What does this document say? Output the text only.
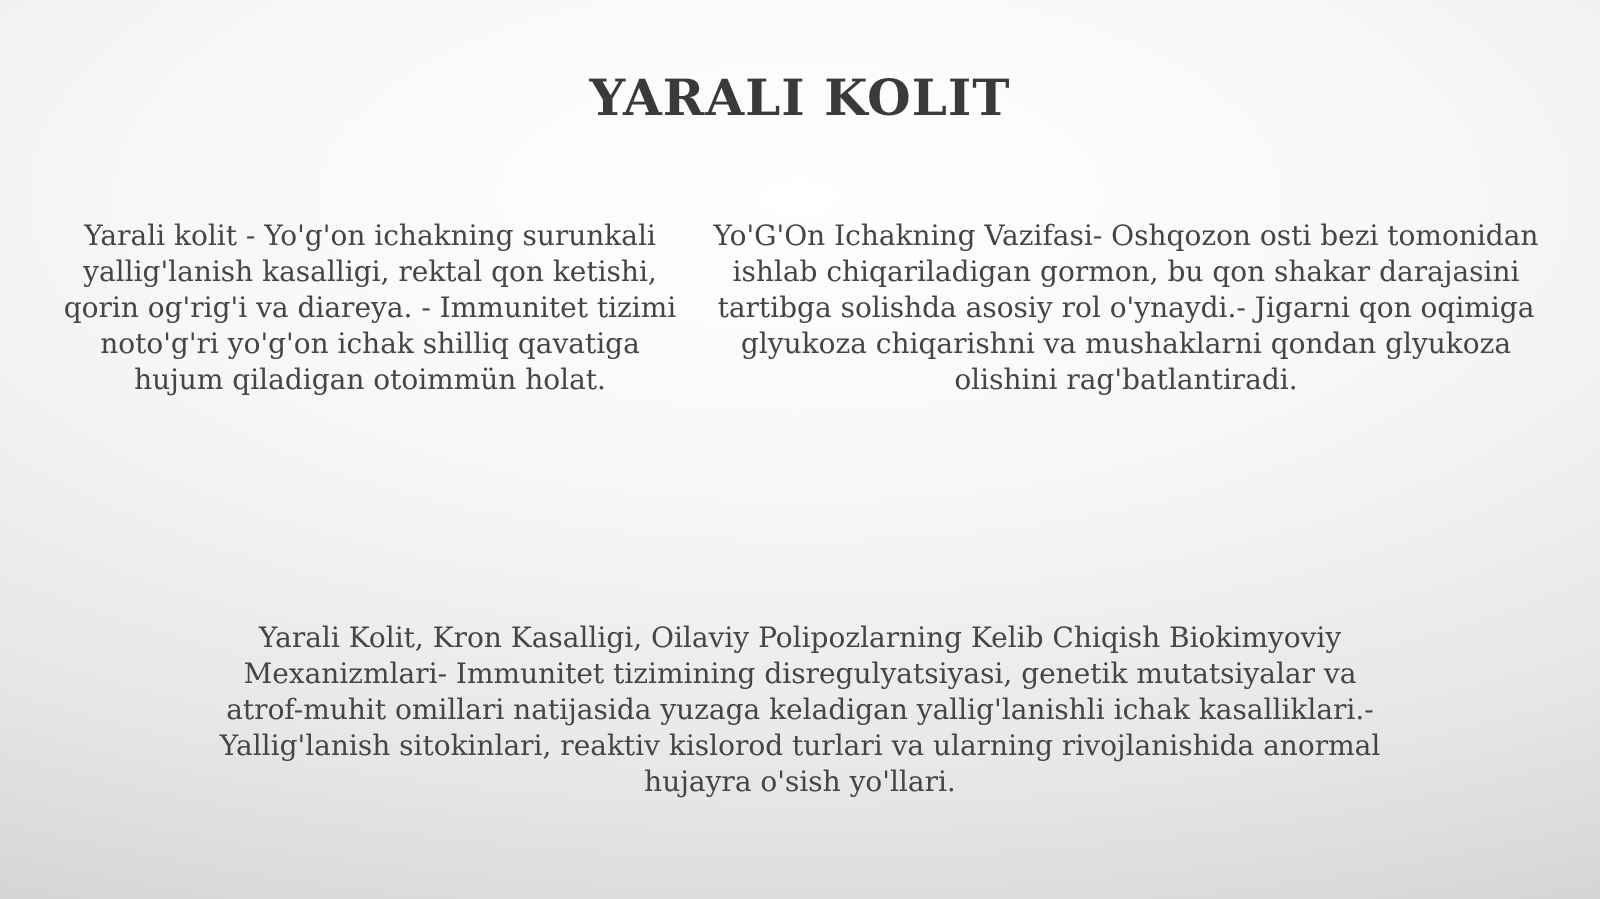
YARALI KOLIT

Yarali kolit - Yo'g'on ichakning surunkali yallig'lanish kasalligi, rektal qon ketishi, qorin og'rig'i va diareya. - Immunitet tizimi noto'g'ri yo'g'on ichak shilliq qavatiga hujum qiladigan otoimmün holat.

Yo'G'On Ichakning Vazifasi- Oshqozon osti bezi tomonidan ishlab chiqariladigan gormon, bu qon shakar darajasini tartibga solishda asosiy rol o'ynaydi.- Jigarni qon oqimiga glyukoza chiqarishni va mushaklarni qondan glyukoza olishini rag'batlantiradi.

Yarali Kolit, Kron Kasalligi, Oilaviy Polipozlarning Kelib Chiqish Biokimyoviy Mexanizmlari- Immunitet tizimining disregulyatsiyasi, genetik mutatsiyalar va atrof-muhit omillari natijasida yuzaga keladigan yallig'lanishli ichak kasalliklari.- Yallig'lanish sitokinlari, reaktiv kislorod turlari va ularning rivojlanishida anormal hujayra o'sish yo'llari.
